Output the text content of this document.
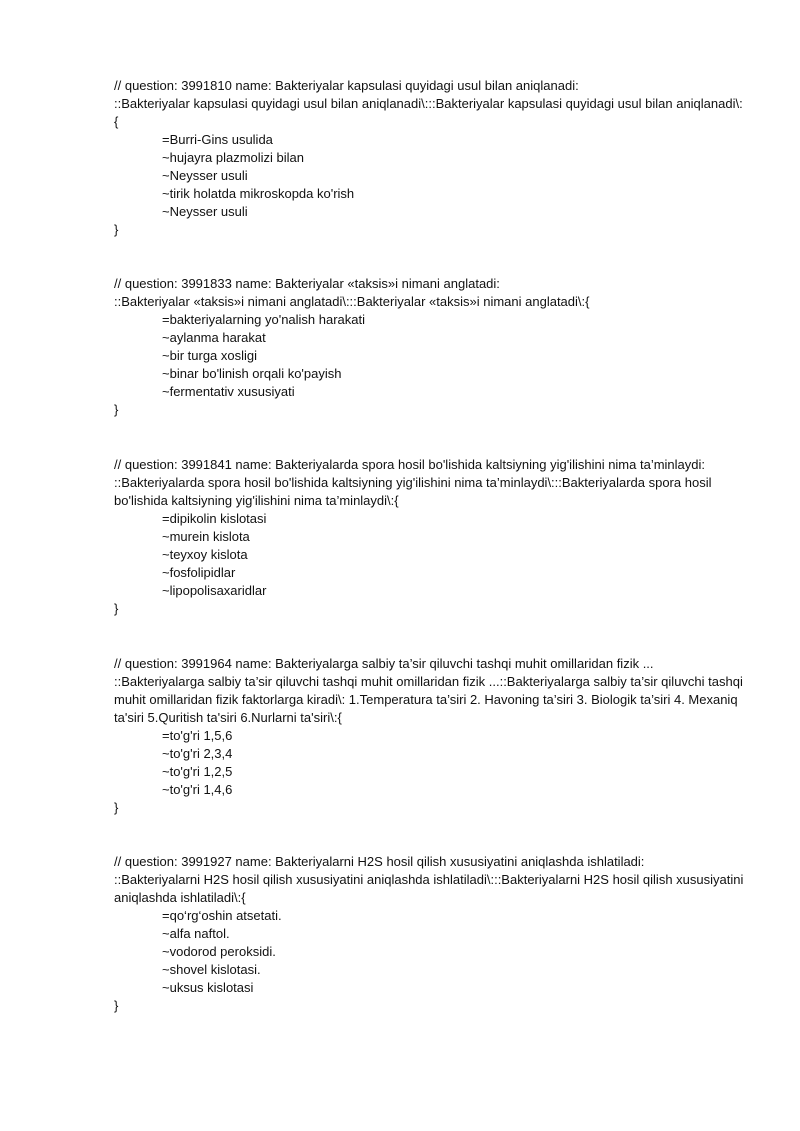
// question: 3991810 name: Bakteriyalar kapsulasi quyidagi usul bilan aniqlanadi:

::Bakteriyalar kapsulasi quyidagi usul bilan aniqlanadi\:::Bakteriyalar kapsulasi quyidagi usul bilan aniqlanadi\:{

=Burri-Gins usulida

~hujayra plazmolizi bilan

~Neysser usuli

~tirik holatda mikroskopda ko'rish

~Neysser usuli

}

// question: 3991833 name: Bakteriyalar «taksis»i nimani anglatadi:

::Bakteriyalar «taksis»i nimani anglatadi\:::Bakteriyalar «taksis»i nimani anglatadi\:{

=bakteriyalarning yo'nalish harakati

~aylanma harakat

~bir turga xosligi

~binar bo'linish orqali ko'payish

~fermentativ xususiyati

}

// question: 3991841 name: Bakteriyalarda spora hosil bo'lishida kaltsiyning yig'ilishini nima ta’minlaydi:

::Bakteriyalarda spora hosil bo'lishida kaltsiyning yig'ilishini nima ta’minlaydi\:::Bakteriyalarda spora hosil bo'lishida kaltsiyning yig'ilishini nima ta’minlaydi\:{

=dipikolin kislotasi

~murein kislota

~teyxoy kislota

~fosfolipidlar

~lipopolisaxaridlar

}

// question: 3991964 name: Bakteriyalarga salbiy ta’sir qiluvchi tashqi muhit omillaridan fizik ...

::Bakteriyalarga salbiy ta’sir qiluvchi tashqi muhit omillaridan fizik ...::Bakteriyalarga salbiy ta’sir qiluvchi tashqi muhit omillaridan fizik faktorlarga kiradi\: 1.Temperatura ta’siri 2. Havoning ta’siri 3. Biologik ta’siri 4. Mexaniq ta'siri 5.Quritish ta'siri 6.Nurlarni ta'siri\:{

=to'g'ri 1,5,6

~to'g'ri 2,3,4

~to'g'ri 1,2,5

~to'g'ri 1,4,6

}

// question: 3991927 name: Bakteriyalarni H2S hosil qilish xususiyatini aniqlashda ishlatiladi:

::Bakteriyalarni H2S hosil qilish xususiyatini aniqlashda ishlatiladi\:::Bakteriyalarni H2S hosil qilish xususiyatini aniqlashda ishlatiladi\:{

=qo‘rg‘oshin atsetati.

~alfa naftol.

~vodorod peroksidi.

~shovel kislotasi.

~uksus kislotasi

}
